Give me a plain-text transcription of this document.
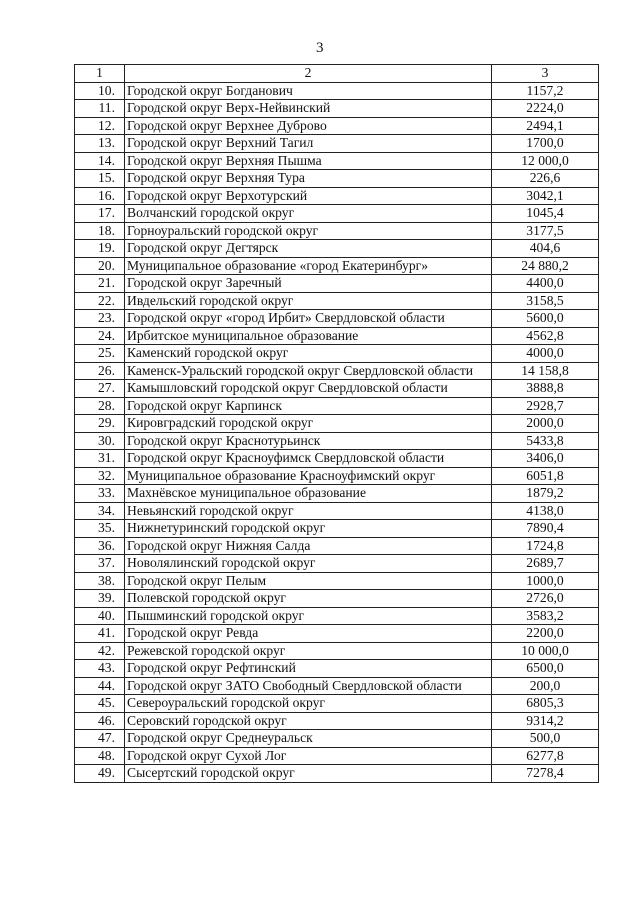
3
1	2	3
10.	Городской округ Богданович	1157,2
11.	Городской округ Верх-Нейвинский	2224,0
12.	Городской округ Верхнее Дуброво	2494,1
13.	Городской округ Верхний Тагил	1700,0
14.	Городской округ Верхняя Пышма	12 000,0
15.	Городской округ Верхняя Тура	226,6
16.	Городской округ Верхотурский	3042,1
17.	Волчанский городской округ	1045,4
18.	Горноуральский городской округ	3177,5
19.	Городской округ Дегтярск	404,6
20.	Муниципальное образование «город Екатеринбург»	24 880,2
21.	Городской округ Заречный	4400,0
22.	Ивдельский городской округ	3158,5
23.	Городской округ «город Ирбит» Свердловской области	5600,0
24.	Ирбитское муниципальное образование	4562,8
25.	Каменский городской округ	4000,0
26.	Каменск-Уральский городской округ Свердловской области	14 158,8
27.	Камышловский городской округ Свердловской области	3888,8
28.	Городской округ Карпинск	2928,7
29.	Кировградский городской округ	2000,0
30.	Городской округ Краснотурьинск	5433,8
31.	Городской округ Красноуфимск Свердловской области	3406,0
32.	Муниципальное образование Красноуфимский округ	6051,8
33.	Махнёвское муниципальное образование	1879,2
34.	Невьянский городской округ	4138,0
35.	Нижнетуринский городской округ	7890,4
36.	Городской округ Нижняя Салда	1724,8
37.	Новолялинский городской округ	2689,7
38.	Городской округ Пелым	1000,0
39.	Полевской городской округ	2726,0
40.	Пышминский городской округ	3583,2
41.	Городской округ Ревда	2200,0
42.	Режевской городской округ	10 000,0
43.	Городской округ Рефтинский	6500,0
44.	Городской округ ЗАТО Свободный Свердловской области	200,0
45.	Североуральский городской округ	6805,3
46.	Серовский городской округ	9314,2
47.	Городской округ Среднеуральск	500,0
48.	Городской округ Сухой Лог	6277,8
49.	Сысертский городской округ	7278,4
